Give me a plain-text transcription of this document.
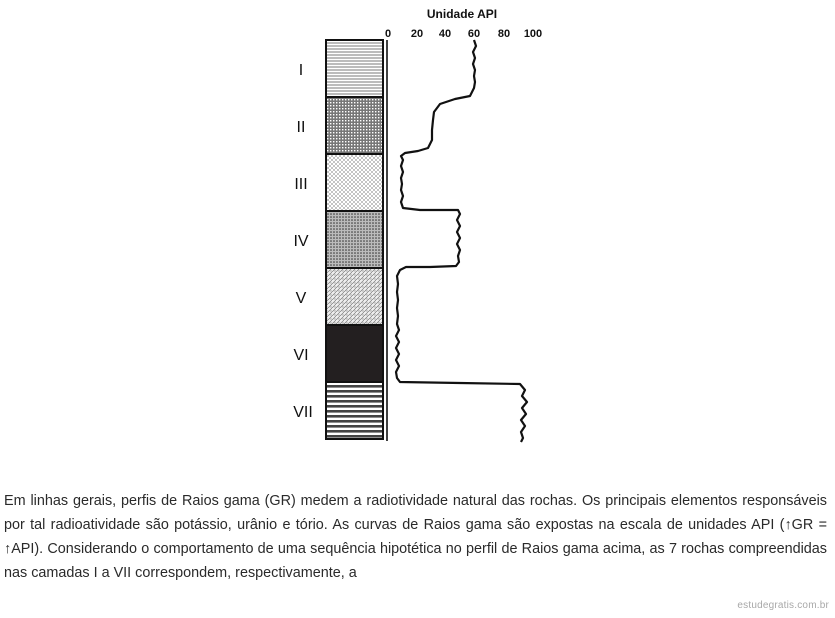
Unidade API
0 20 40 60 80 100
I
II
III
IV
V
VI
VII
Em linhas gerais, perfis de Raios gama (GR) medem a radiotividade natural das rochas. Os principais elementos responsáveis por tal radioatividade são potássio, urânio e tório. As curvas de Raios gama são expostas na escala de unidades API (↑GR = ↑API). Considerando o comportamento de uma sequência hipotética no perfil de Raios gama acima, as 7 rochas compreendidas nas camadas I a VII correspondem, respectivamente, a
estudegratis.com.br
